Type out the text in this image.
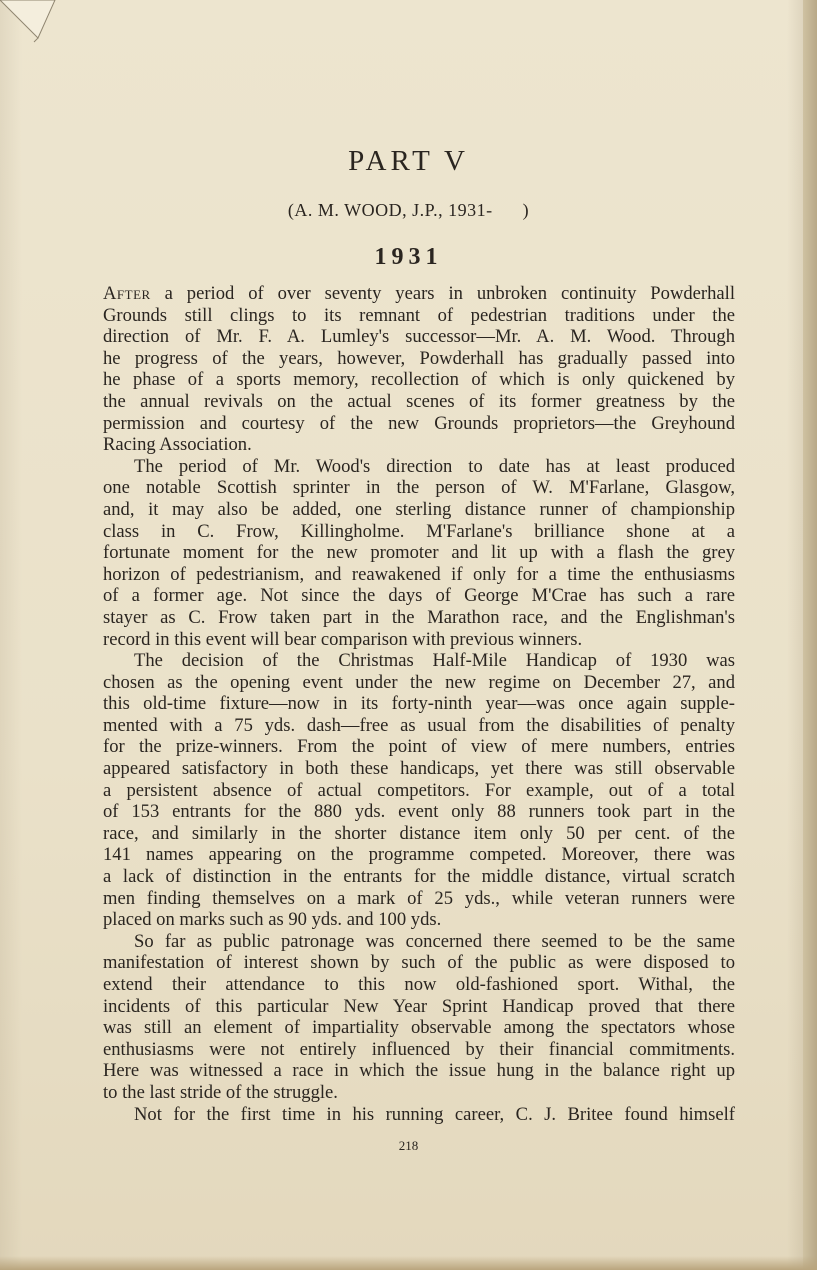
PART V
(A. M. WOOD, J.P., 1931-      )
1931
After a period of over seventy years in unbroken continuity Powderhall
Grounds still clings to its remnant of pedestrian traditions under the
direction of Mr. F. A. Lumley's successor—Mr. A. M. Wood. Through
he progress of the years, however, Powderhall has gradually passed into
he phase of a sports memory, recollection of which is only quickened by
the annual revivals on the actual scenes of its former greatness by the
permission and courtesy of the new Grounds proprietors—the Greyhound
Racing Association.
The period of Mr. Wood's direction to date has at least produced
one notable Scottish sprinter in the person of W. M'Farlane, Glasgow,
and, it may also be added, one sterling distance runner of championship
class in C. Frow, Killingholme. M'Farlane's brilliance shone at a
fortunate moment for the new promoter and lit up with a flash the grey
horizon of pedestrianism, and reawakened if only for a time the enthusiasms
of a former age. Not since the days of George M'Crae has such a rare
stayer as C. Frow taken part in the Marathon race, and the Englishman's
record in this event will bear comparison with previous winners.
The decision of the Christmas Half-Mile Handicap of 1930 was
chosen as the opening event under the new regime on December 27, and
this old-time fixture—now in its forty-ninth year—was once again supple-
mented with a 75 yds. dash—free as usual from the disabilities of penalty
for the prize-winners. From the point of view of mere numbers, entries
appeared satisfactory in both these handicaps, yet there was still observable
a persistent absence of actual competitors. For example, out of a total
of 153 entrants for the 880 yds. event only 88 runners took part in the
race, and similarly in the shorter distance item only 50 per cent. of the
141 names appearing on the programme competed. Moreover, there was
a lack of distinction in the entrants for the middle distance, virtual scratch
men finding themselves on a mark of 25 yds., while veteran runners were
placed on marks such as 90 yds. and 100 yds.
So far as public patronage was concerned there seemed to be the same
manifestation of interest shown by such of the public as were disposed to
extend their attendance to this now old-fashioned sport. Withal, the
incidents of this particular New Year Sprint Handicap proved that there
was still an element of impartiality observable among the spectators whose
enthusiasms were not entirely influenced by their financial commitments.
Here was witnessed a race in which the issue hung in the balance right up
to the last stride of the struggle.
Not for the first time in his running career, C. J. Britee found himself
218
